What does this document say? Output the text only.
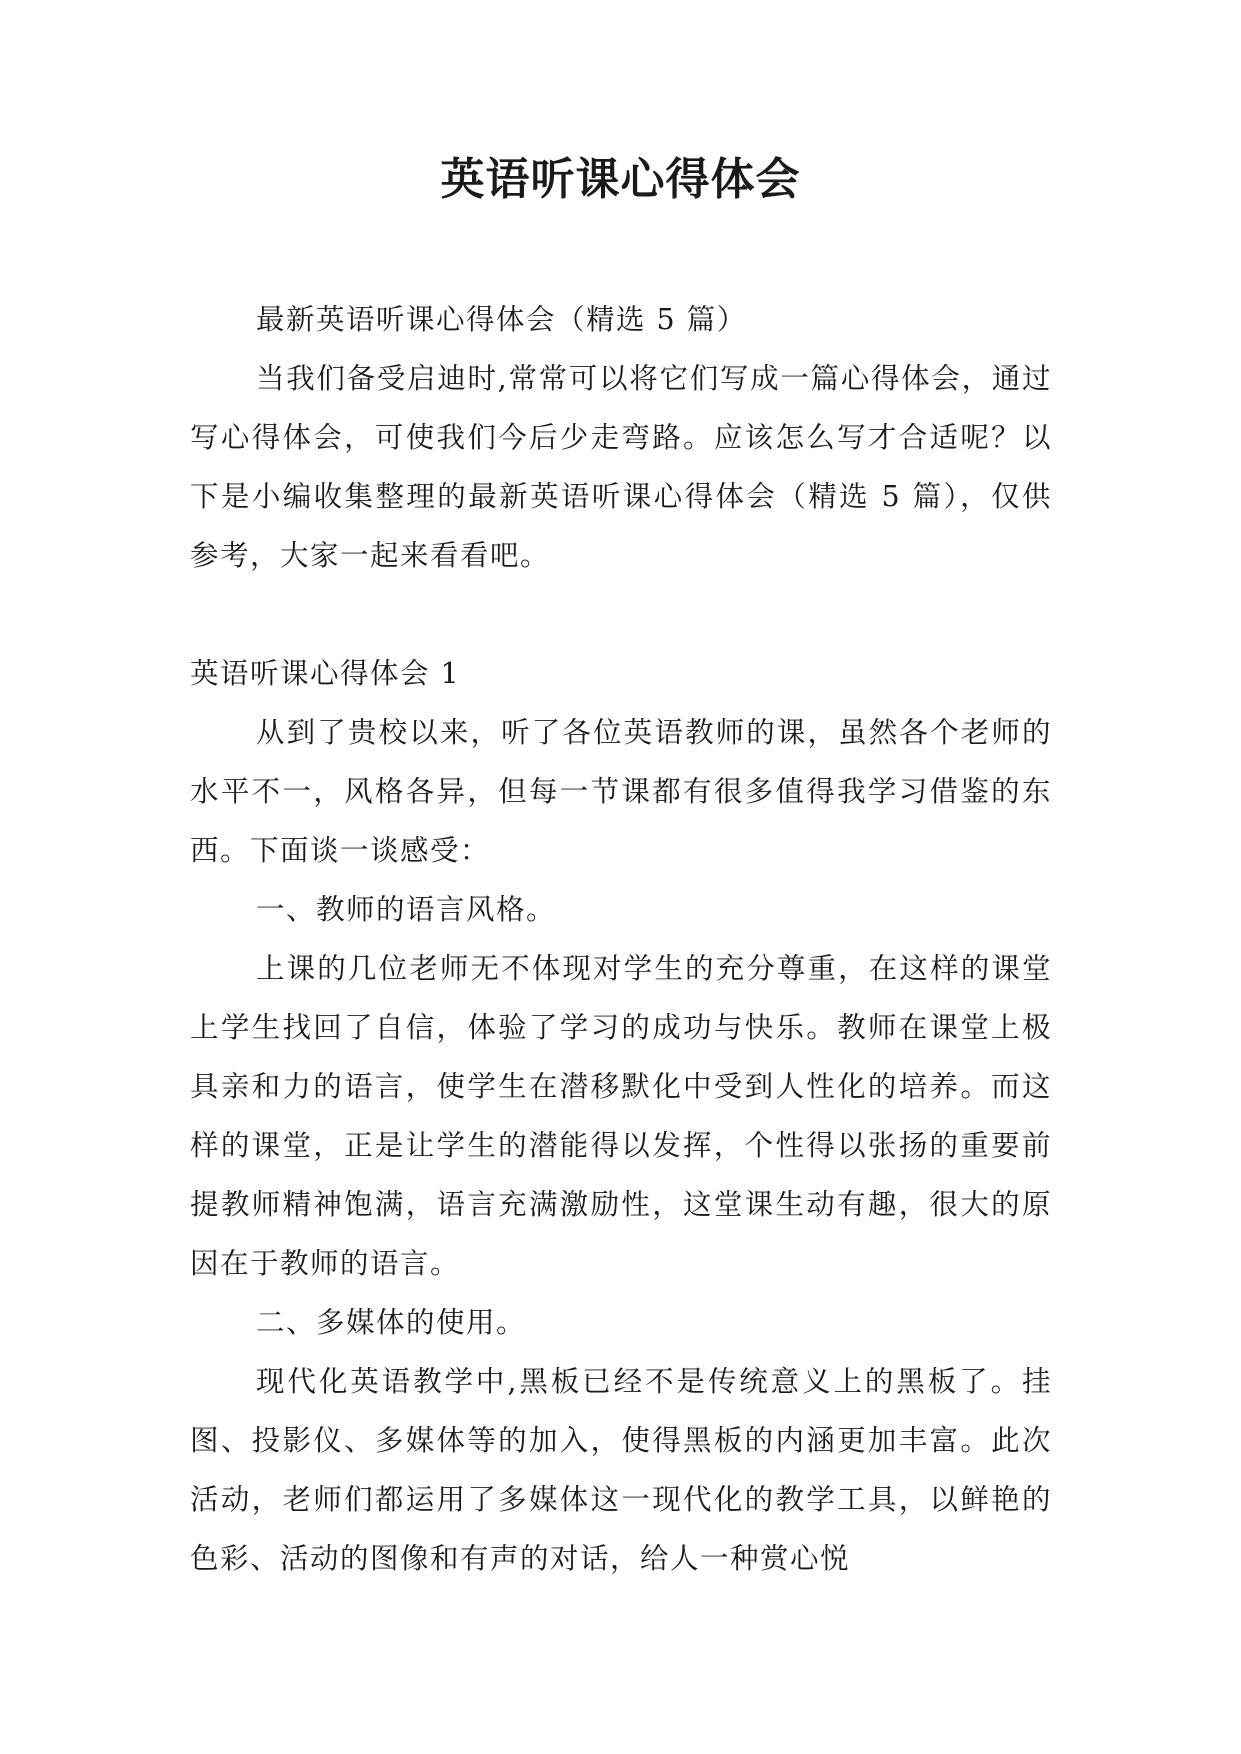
英语听课心得体会

最新英语听课心得体会（精选 5 篇）

当我们备受启迪时,常常可以将它们写成一篇心得体会，通过写心得体会，可使我们今后少走弯路。应该怎么写才合适呢？以下是小编收集整理的最新英语听课心得体会（精选 5 篇），仅供参考，大家一起来看看吧。

英语听课心得体会 1

从到了贵校以来，听了各位英语教师的课，虽然各个老师的水平不一，风格各异，但每一节课都有很多值得我学习借鉴的东西。下面谈一谈感受：

一、教师的语言风格。

上课的几位老师无不体现对学生的充分尊重，在这样的课堂上学生找回了自信，体验了学习的成功与快乐。教师在课堂上极具亲和力的语言，使学生在潜移默化中受到人性化的培养。而这样的课堂，正是让学生的潜能得以发挥，个性得以张扬的重要前提教师精神饱满，语言充满激励性，这堂课生动有趣，很大的原因在于教师的语言。

二、多媒体的使用。

现代化英语教学中,黑板已经不是传统意义上的黑板了。挂图、投影仪、多媒体等的加入，使得黑板的内涵更加丰富。此次活动，老师们都运用了多媒体这一现代化的教学工具，以鲜艳的色彩、活动的图像和有声的对话，给人一种赏心悦
